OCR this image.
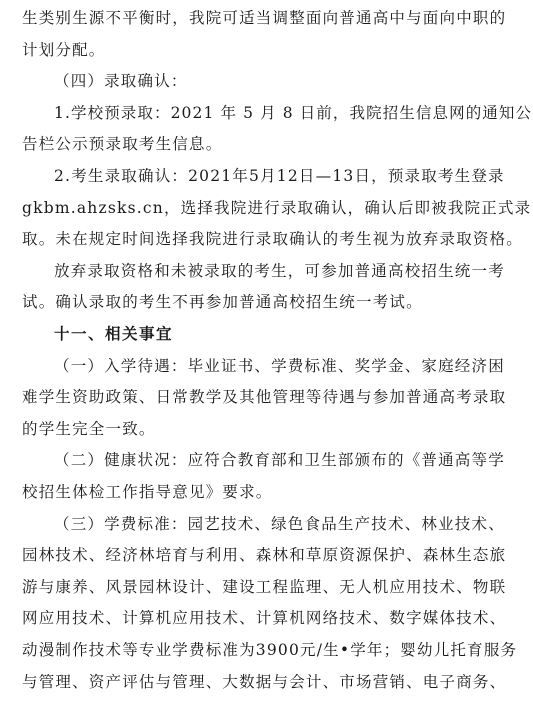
生类别生源不平衡时，我院可适当调整面向普通高中与面向中职的
计划分配。
（四）录取确认：
1.学校预录取：2021 年 5 月 8 日前，我院招生信息网的通知公
告栏公示预录取考生信息。
2.考生录取确认：2021年5月12日—13日，预录取考生登录
gkbm.ahzsks.cn，选择我院进行录取确认，确认后即被我院正式录
取。未在规定时间选择我院进行录取确认的考生视为放弃录取资格。
放弃录取资格和未被录取的考生，可参加普通高校招生统一考
试。确认录取的考生不再参加普通高校招生统一考试。
十一、相关事宜
（一）入学待遇：毕业证书、学费标准、奖学金、家庭经济困
难学生资助政策、日常教学及其他管理等待遇与参加普通高考录取
的学生完全一致。
（二）健康状况：应符合教育部和卫生部颁布的《普通高等学
校招生体检工作指导意见》要求。
（三）学费标准：园艺技术、绿色食品生产技术、林业技术、
园林技术、经济林培育与利用、森林和草原资源保护、森林生态旅
游与康养、风景园林设计、建设工程监理、无人机应用技术、物联
网应用技术、计算机应用技术、计算机网络技术、数字媒体技术、
动漫制作技术等专业学费标准为3900元/生•学年；婴幼儿托育服务
与管理、资产评估与管理、大数据与会计、市场营销、电子商务、
